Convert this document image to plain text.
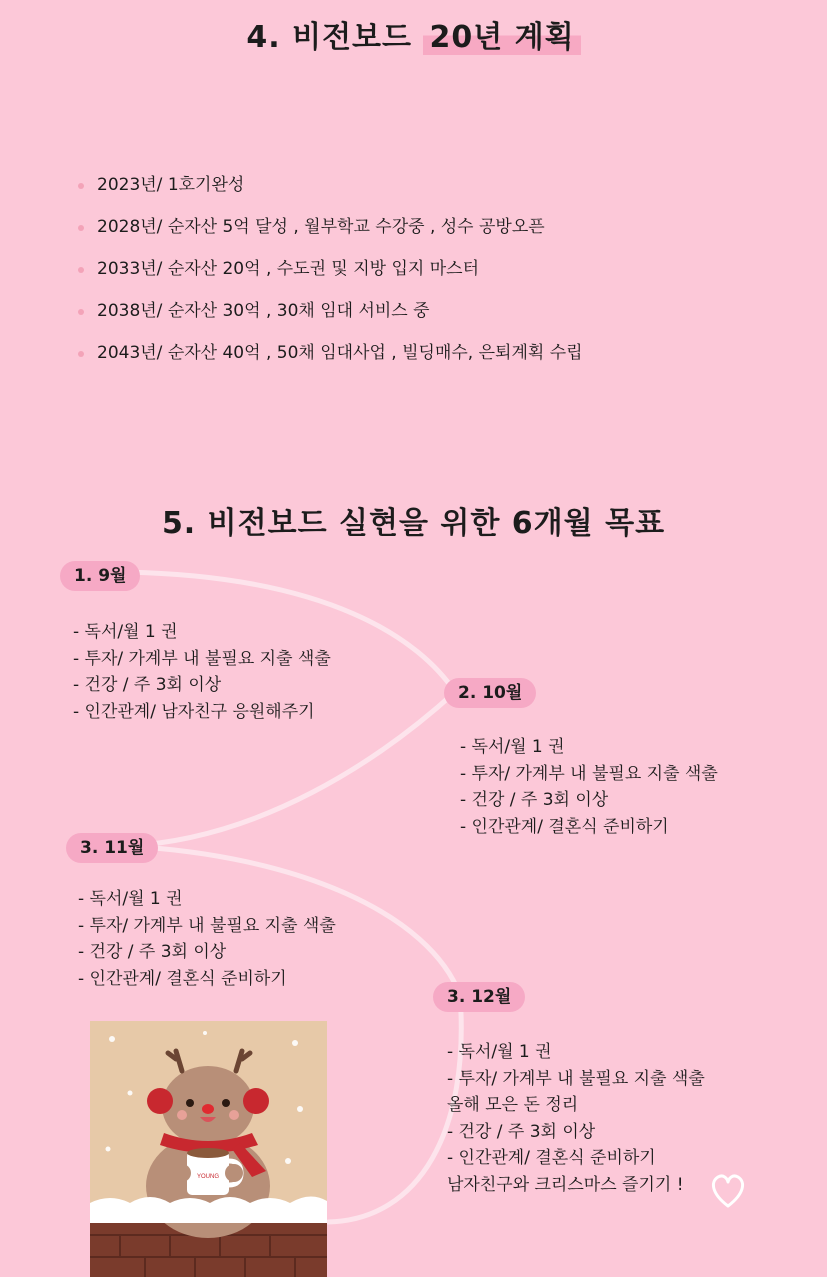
4. 비전보드 20년 계획
2023년/ 1호기완성
2028년/ 순자산 5억 달성 , 월부학교 수강중 , 성수 공방오픈
2033년/ 순자산 20억 , 수도권 및 지방 입지 마스터
2038년/ 순자산 30억 , 30채 임대 서비스 중
2043년/ 순자산 40억 , 50채 임대사업 , 빌딩매수, 은퇴계획 수립
5. 비전보드 실현을 위한 6개월 목표
1. 9월
- 독서/월 1 권
- 투자/ 가계부 내 불필요 지출 색출
- 건강 / 주 3회 이상
- 인간관계/ 남자친구 응원해주기
2. 10월
- 독서/월 1 권
- 투자/ 가계부 내 불필요 지출 색출
- 건강 / 주 3회 이상
- 인간관계/ 결혼식 준비하기
3. 11월
- 독서/월 1 권
- 투자/ 가계부 내 불필요 지출 색출
- 건강 / 주 3회 이상
- 인간관계/ 결혼식 준비하기
3. 12월
- 독서/월 1 권
- 투자/ 가계부 내 불필요 지출 색출
올해 모은 돈 정리
- 건강 / 주 3회 이상
- 인간관계/ 결혼식 준비하기
남자친구와 크리스마스 즐기기 !
YOUNG
